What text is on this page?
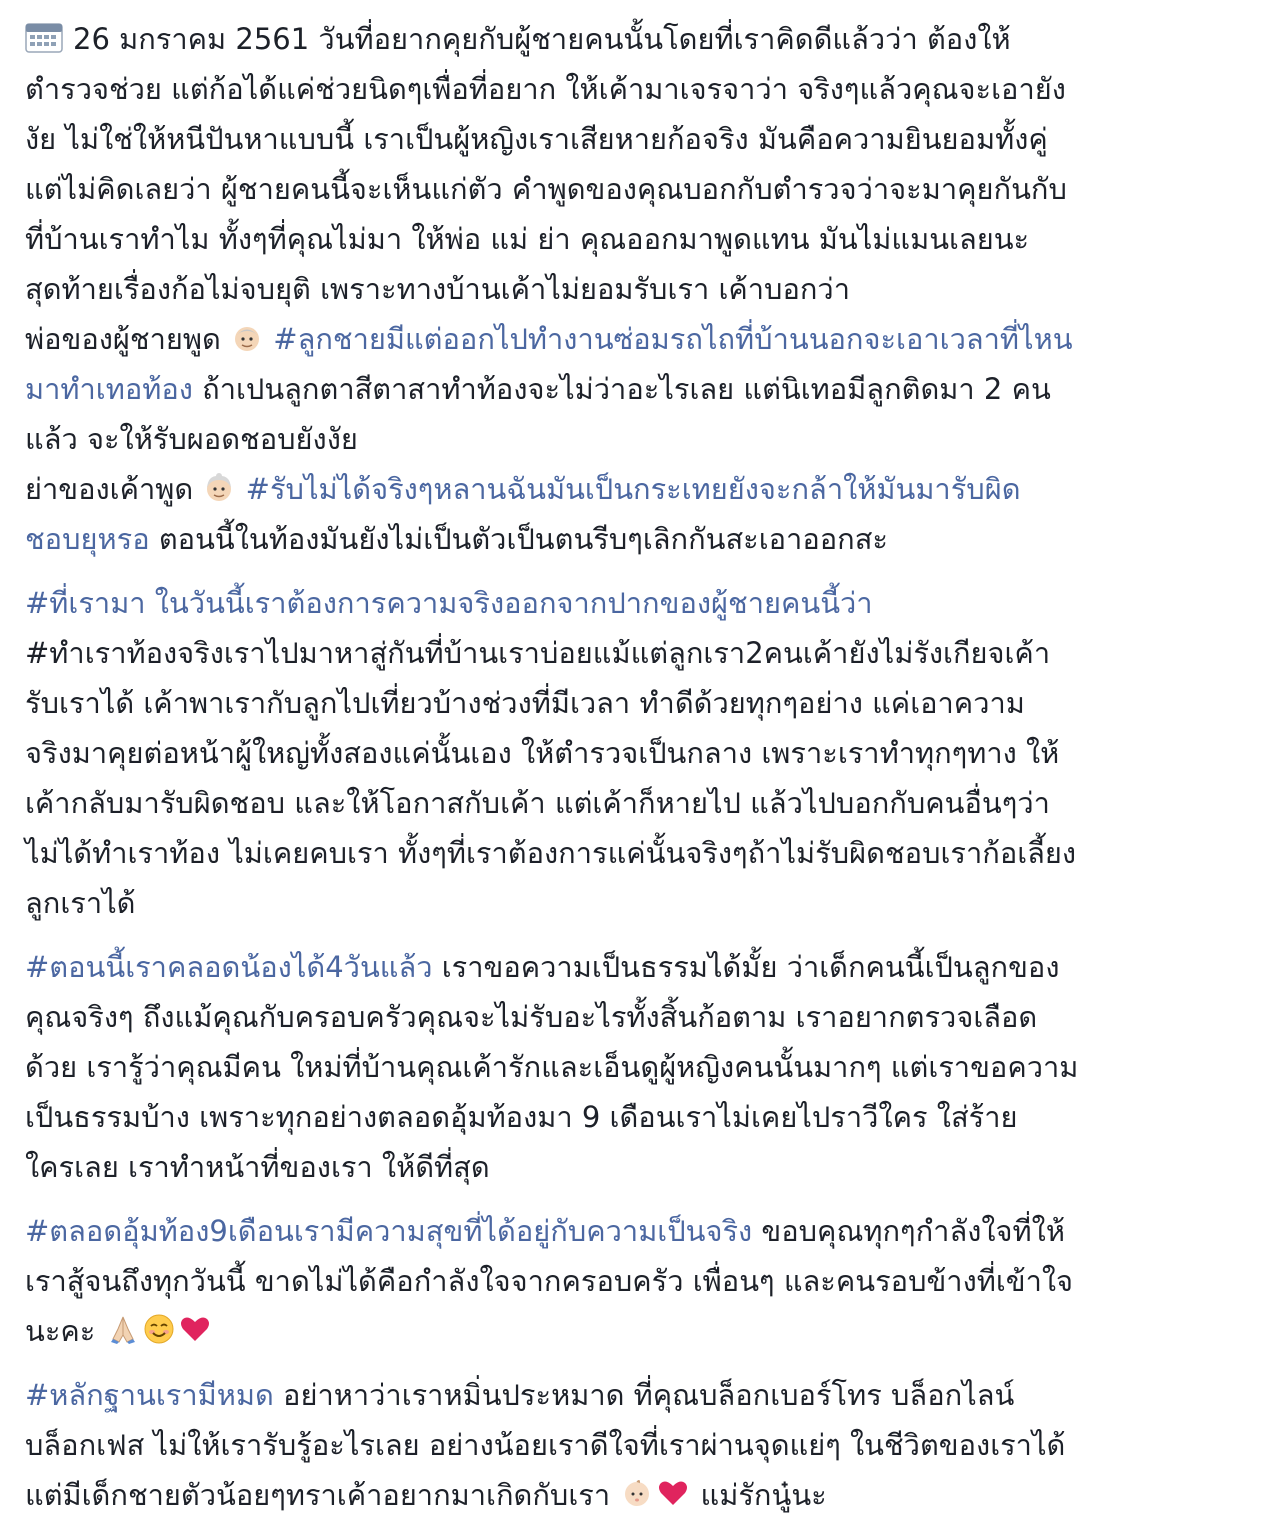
26 มกราคม 2561 วันที่อยากคุยกับผู้ชายคนนั้นโดยที่เราคิดดีแล้วว่า ต้องให้
ตำรวจช่วย แต่ก้อได้แค่ช่วยนิดๆเพื่อที่อยาก ให้เค้ามาเจรจาว่า จริงๆแล้วคุณจะเอายัง
งัย ไม่ใช่ให้หนีปันหาแบบนี้ เราเป็นผู้หญิงเราเสียหายก้อจริง มันคือความยินยอมทั้งคู่
แต่ไม่คิดเลยว่า ผู้ชายคนนี้จะเห็นแก่ตัว คำพูดของคุณบอกกับตำรวจว่าจะมาคุยกันกับ
ที่บ้านเราทำไม ทั้งๆที่คุณไม่มา ให้พ่อ แม่ ย่า คุณออกมาพูดแทน มันไม่แมนเลยนะ
สุดท้ายเรื่องก้อไม่จบยุติ เพราะทางบ้านเค้าไม่ยอมรับเรา เค้าบอกว่า
พ่อของผู้ชายพูด #ลูกชายมีแต่ออกไปทำงานซ่อมรถไถที่บ้านนอกจะเอาเวลาที่ไหน
มาทำเทอท้อง ถ้าเปนลูกตาสีตาสาทำท้องจะไม่ว่าอะไรเลย แต่นิเทอมีลูกติดมา 2 คน
แล้ว จะให้รับผอดชอบยังงัย
ย่าของเค้าพูด #รับไม่ได้จริงๆหลานฉันมันเป็นกระเทยยังจะกล้าให้มันมารับผิด
ชอบยุหรอ ตอนนี้ในท้องมันยังไม่เป็นตัวเป็นตนรีบๆเลิกกันสะเอาออกสะ
#ที่เรามา ในวันนี้เราต้องการความจริงออกจากปากของผู้ชายคนนี้ว่า
#ทำเราท้องจริงเราไปมาหาสู่กันที่บ้านเราบ่อยแม้แต่ลูกเรา2คนเค้ายังไม่รังเกียจเค้า
รับเราได้ เค้าพาเรากับลูกไปเที่ยวบ้างช่วงที่มีเวลา ทำดีด้วยทุกๆอย่าง แค่เอาความ
จริงมาคุยต่อหน้าผู้ใหญ่ทั้งสองแค่นั้นเอง ให้ตำรวจเป็นกลาง เพราะเราทำทุกๆทาง ให้
เค้ากลับมารับผิดชอบ และให้โอกาสกับเค้า แต่เค้าก็หายไป แล้วไปบอกกับคนอื่นๆว่า
ไม่ได้ทำเราท้อง ไม่เคยคบเรา ทั้งๆที่เราต้องการแค่นั้นจริงๆถ้าไม่รับผิดชอบเราก้อเลี้ยง
ลูกเราได้
#ตอนนี้เราคลอดน้องได้4วันแล้ว เราขอความเป็นธรรมได้มั้ย ว่าเด็กคนนี้เป็นลูกของ
คุณจริงๆ ถึงแม้คุณกับครอบครัวคุณจะไม่รับอะไรทั้งสิ้นก้อตาม เราอยากตรวจเลือด
ด้วย เรารู้ว่าคุณมีคน ใหม่ที่บ้านคุณเค้ารักและเอ็นดูผู้หญิงคนนั้นมากๆ แต่เราขอความ
เป็นธรรมบ้าง เพราะทุกอย่างตลอดอุ้มท้องมา 9 เดือนเราไม่เคยไปราวีใคร ใส่ร้าย
ใครเลย เราทำหน้าที่ของเรา ให้ดีที่สุด
#ตลอดอุ้มท้อง9เดือนเรามีความสุขที่ได้อยู่กับความเป็นจริง ขอบคุณทุกๆกำลังใจที่ให้
เราสู้จนถึงทุกวันนี้ ขาดไม่ได้คือกำลังใจจากครอบครัว เพื่อนๆ และคนรอบข้างที่เข้าใจ
นะคะ
#หลักฐานเรามีหมด อย่าหาว่าเราหมิ่นประหมาด ที่คุณบล็อกเบอร์โทร บล็อกไลน์
บล็อกเฟส ไม่ให้เรารับรู้อะไรเลย อย่างน้อยเราดีใจที่เราผ่านจุดแย่ๆ ในชีวิตของเราได้
แต่มีเด็กชายตัวน้อยๆทราเค้าอยากมาเกิดกับเรา	แม่รักนู๋นะ
